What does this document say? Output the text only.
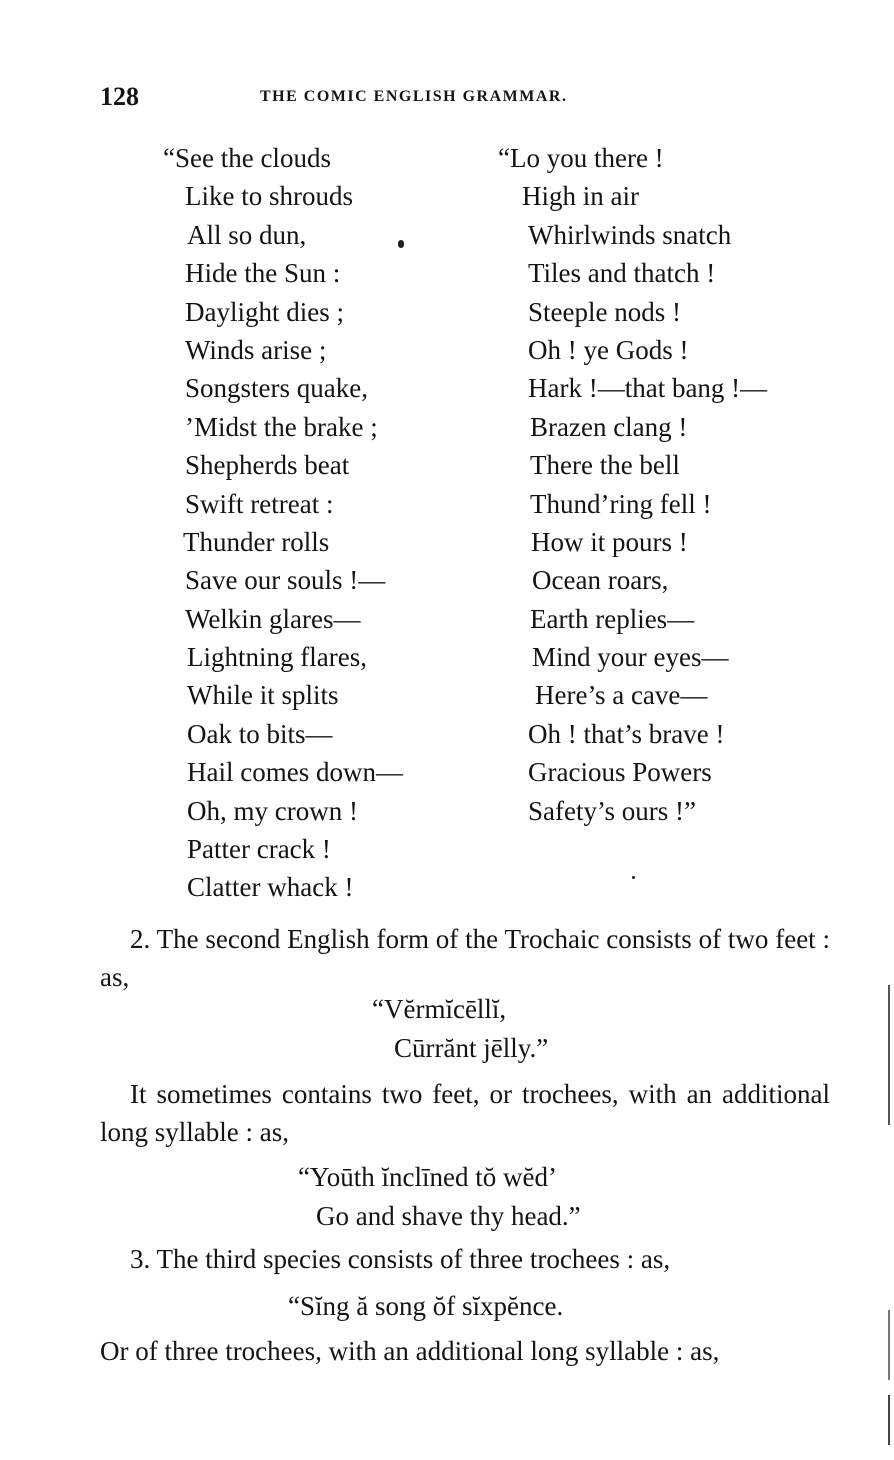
128	THE COMIC ENGLISH GRAMMAR.
“See the clouds
Like to shrouds
All so dun,
Hide the Sun :
Daylight dies ;
Winds arise ;
Songsters quake,
’Midst the brake ;
Shepherds beat
Swift retreat :
Thunder rolls
Save our souls !—
Welkin glares—
Lightning flares,
While it splits
Oak to bits—
Hail comes down—
Oh, my crown !
Patter crack !
Clatter whack !
“Lo you there !
High in air
Whirlwinds snatch
Tiles and thatch !
Steeple nods !
Oh ! ye Gods !
Hark !—that bang !—
Brazen clang !
There the bell
Thund’ring fell !
How it pours !
Ocean roars,
Earth replies—
Mind your eyes—
Here’s a cave—
Oh ! that’s brave !
Gracious Powers
Safety’s ours !”

2. The second English form of the Trochaic consists of two feet : as,

“Vĕrmĭcēllĭ,
Cūrrănt jēlly.”

It sometimes contains two feet, or trochees, with an additional long syllable : as,

“Yoūth ĭnclīned tŏ wĕd’
Go and shave thy head.”

3. The third species consists of three trochees : as,

“Sĭng ă song ŏf sĭxpĕnce.

Or of three trochees, with an additional long syllable : as,
